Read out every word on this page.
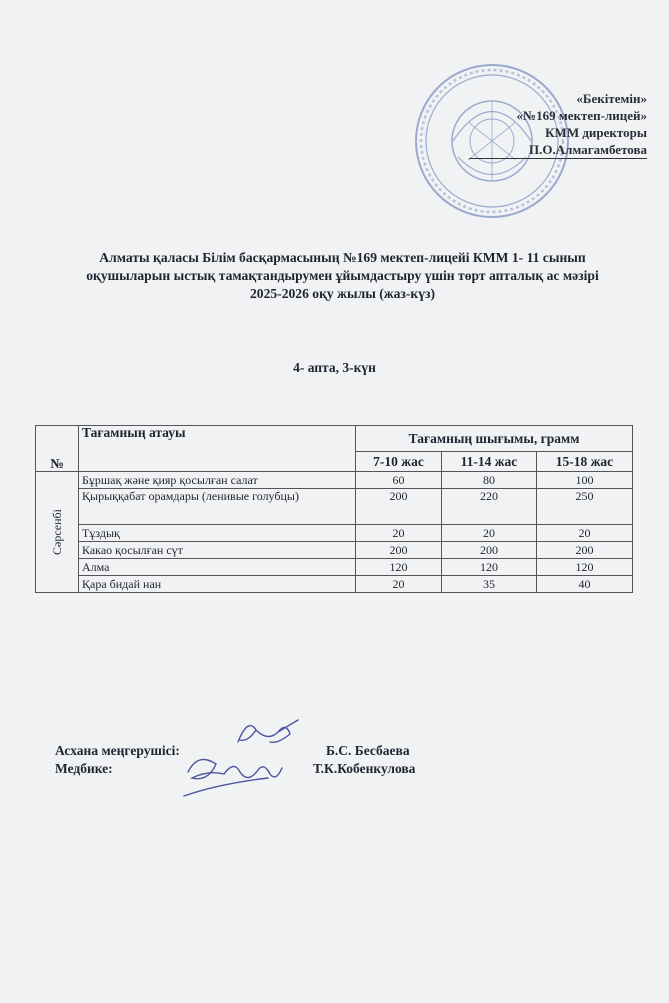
«Бекітемін»
«№169 мектеп-лицей»
КММ директоры
П.О.Алмагамбетова
Алматы қаласы Білім басқармасының №169 мектеп-лицейі КММ 1- 11 сынып
оқушыларын ыстық тамақтандырумен ұйымдастыру үшін төрт апталық ас мәзірі
2025-2026 оқу жылы (жаз-күз)
4- апта, 3-күн
№	Тағамның атауы	Тағамның шығымы, грамм		
		7-10 жас	11-14 жас	15-18 жас

Сәрсенбі	Бұршақ және қияр қосылған салат	60	80	100
	Қырыққабат орамдары (ленивые голубцы)	200	220	250
	Тұздық	20	20	20
	Какао қосылған сүт	200	200	200
	Алма	120	120	120
	Қара бидай нан	20	35	40
Асхана меңгерушісі:
Медбике:
Б.С. Бесбаева
Т.К.Кобенкулова
